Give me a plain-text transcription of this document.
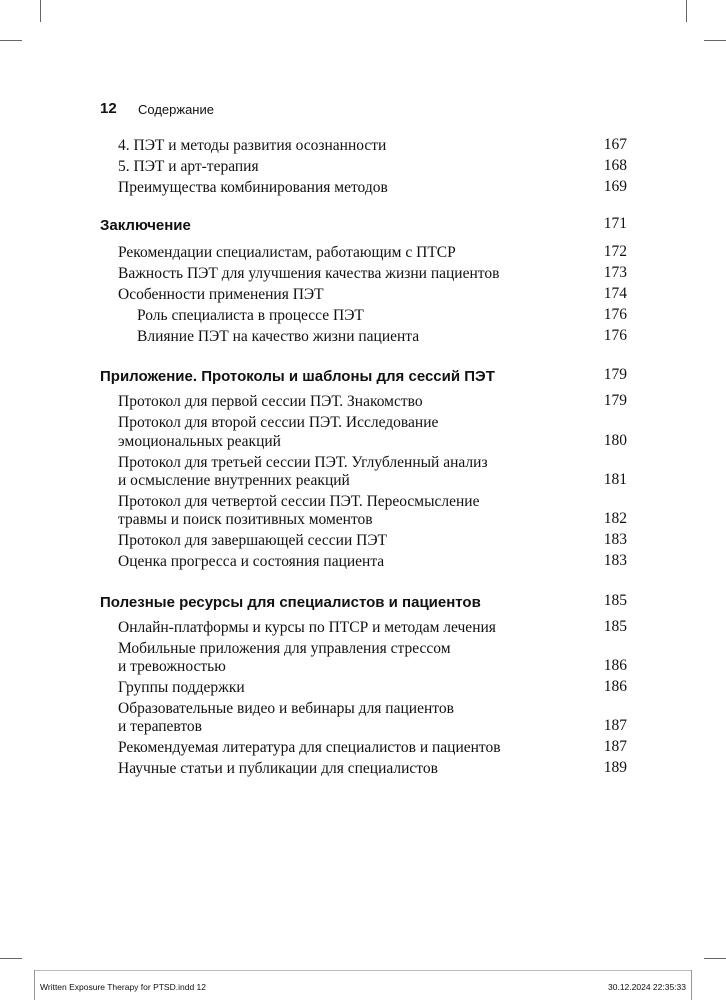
12 Содержание
4. ПЭТ и методы развития осознанности	167
5. ПЭТ и арт-терапия	168
Преимущества комбинирования методов	169
Заключение	171
Рекомендации специалистам, работающим с ПТСР	172
Важность ПЭТ для улучшения качества жизни пациентов	173
Особенности применения ПЭТ	174
Роль специалиста в процессе ПЭТ	176
Влияние ПЭТ на качество жизни пациента	176
Приложение. Протоколы и шаблоны для сессий ПЭТ	179
Протокол для первой сессии ПЭТ. Знакомство	179
Протокол для второй сессии ПЭТ. Исследование
эмоциональных реакций	180
Протокол для третьей сессии ПЭТ. Углубленный анализ
и осмысление внутренних реакций	181
Протокол для четвертой сессии ПЭТ. Переосмысление
травмы и поиск позитивных моментов	182
Протокол для завершающей сессии ПЭТ	183
Оценка прогресса и состояния пациента	183
Полезные ресурсы для специалистов и пациентов	185
Онлайн-платформы и курсы по ПТСР и методам лечения	185
Мобильные приложения для управления стрессом
и тревожностью	186
Группы поддержки	186
Образовательные видео и вебинары для пациентов
и терапевтов	187
Рекомендуемая литература для специалистов и пациентов	187
Научные статьи и публикации для специалистов	189
Written Exposure Therapy for PTSD.indd 12	30.12.2024 22:35:33
